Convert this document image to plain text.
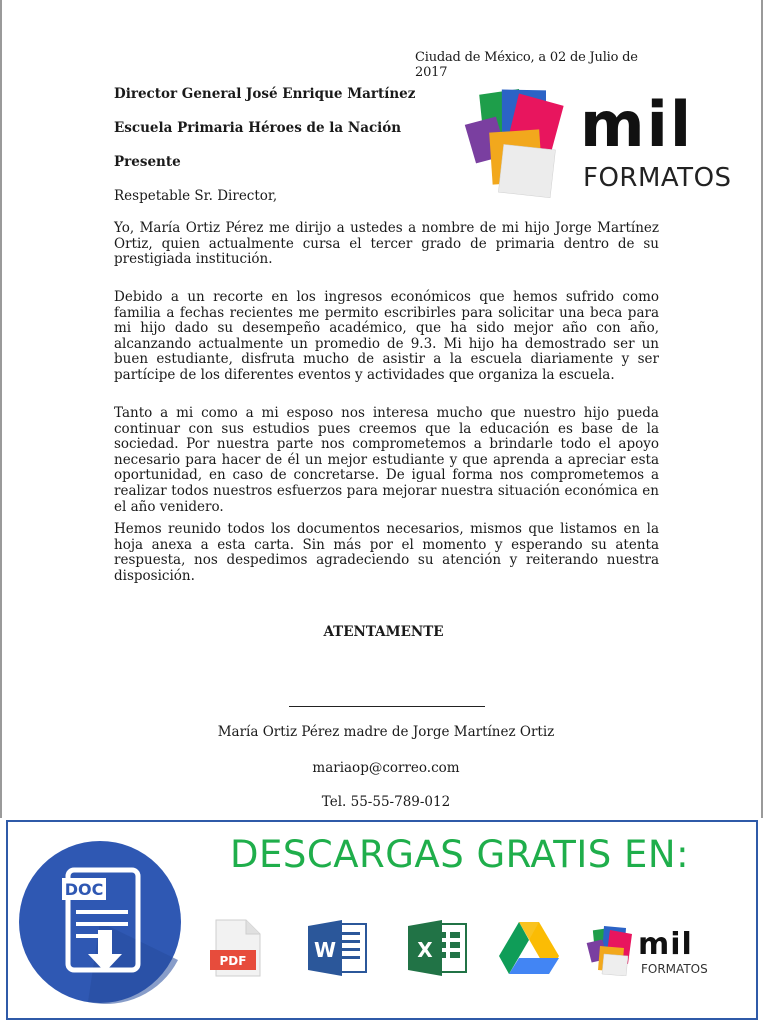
Ciudad de México, a 02 de Julio de 2017
Director General José Enrique Martínez
Escuela Primaria Héroes de la Nación
Presente
Respetable Sr. Director,
Yo, María Ortiz Pérez me dirijo a ustedes a nombre de mi hijo Jorge Martínez Ortiz, quien actualmente cursa el tercer grado de primaria dentro de su prestigiada institución.
Debido a un recorte en los ingresos económicos que hemos sufrido como familia a fechas recientes me permito escribirles para solicitar una beca para mi hijo dado su desempeño académico, que ha sido mejor año con año, alcanzando actualmente un promedio de 9.3. Mi hijo ha demostrado ser un buen estudiante, disfruta mucho de asistir a la escuela diariamente y ser partícipe de los diferentes eventos y actividades que organiza la escuela.
Tanto a mi como a mi esposo nos interesa mucho que nuestro hijo pueda continuar con sus estudios pues creemos que la educación es base de la sociedad. Por nuestra parte nos comprometemos a brindarle todo el apoyo necesario para hacer de él un mejor estudiante y que aprenda a apreciar esta oportunidad, en caso de concretarse. De igual forma nos comprometemos a realizar todos nuestros esfuerzos para mejorar nuestra situación económica en el año venidero.
Hemos reunido todos los documentos necesarios, mismos que listamos en la hoja anexa a esta carta. Sin más por el momento y esperando su atenta respuesta, nos despedimos agradeciendo su atención y reiterando nuestra disposición.
ATENTAMENTE
María Ortiz Pérez madre de Jorge Martínez Ortiz
mariaop@correo.com
Tel. 55-55-789-012
mil
FORMATOS
DESCARGAS GRATIS EN:
DOC
PDF	W	X	mil
FORMATOS
